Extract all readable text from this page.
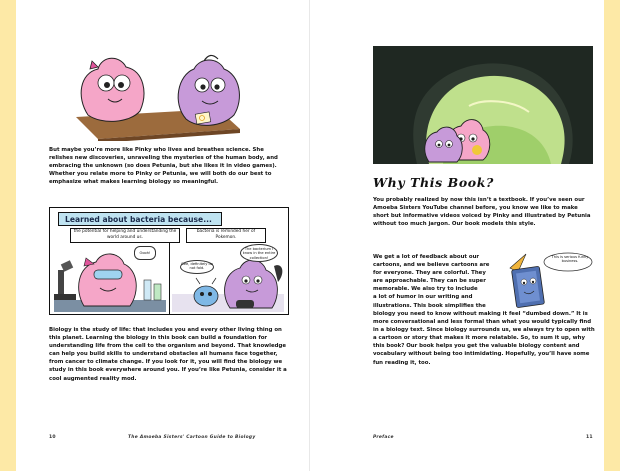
But maybe you’re more like Pinky who lives and breathes science. She relishes new discoveries, unraveling the mysteries of the human body, and embracing the unknown (so does Petunia, but she likes it in video games). Whether you relate more to Pinky or Petunia, we will both do our best to emphasize what makes learning biology so meaningful.

Learned about bacteria because...
the potential for helping and understanding the world around us.
bacteria is reminded her of Pokemon.
Oooh!
Gee, definitely do not fold.
The bacterium I know in the entire collection!

Biology is the study of life: that includes you and every other living thing on this planet. Learning the biology in this book can build a foundation for understanding life from the cell to the organism and beyond. That knowledge can help you build skills to understand obstacles all humans face together, from cancer to climate change. If you look for it, you will find the biology we study in this book everywhere around you. If you’re like Petunia, consider it a cool augmented reality mod.

10	The Amoeba Sisters' Cartoon Guide to Biology
Why This Book?

You probably realized by now this isn’t a textbook. If you’ve seen our Amoeba Sisters YouTube channel before, you know we like to make short but informative videos voiced by Pinky and illustrated by Petunia without too much jargon. Our book models this style.

We get a lot of feedback about our

cartoons, and we believe cartoons are

for everyone. They are colorful. They

are approachable. They can be super

memorable. We also try to include

a lot of humor in our writing and

illustrations. This book simplifies the

This is serious funny business.

biology you need to know without making it feel “dumbed down.” It is more conversational and less formal than what you would typically find in a biology text. Since biology surrounds us, we always try to open with a cartoon or story that makes it more relatable. So, to sum it up, why this book? Our book helps you get the valuable biology content and vocabulary without being too intimidating. Hopefully, you’ll have some fun reading it, too.

Preface	11
